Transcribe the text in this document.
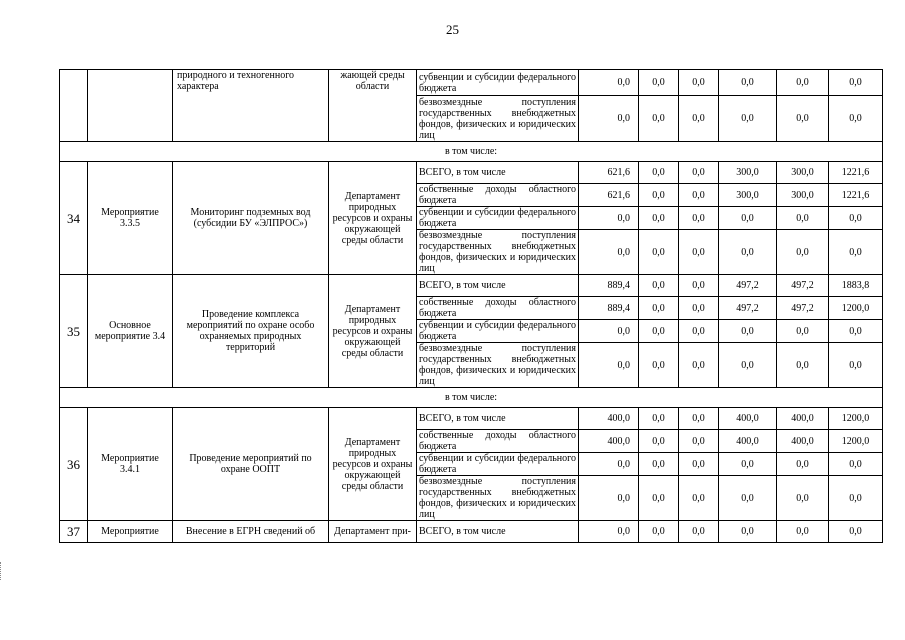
25
		природного и техногенного характера	жающей среды области	субвенции и субсидии федерального бюджета	0,0	0,0	0,0	0,0	0,0	0,0
				безвозмездные поступления государственных внебюджетных фондов, физических и юридических лиц	0,0	0,0	0,0	0,0	0,0	0,0
в том числе:										
34	Мероприятие 3.3.5	Мониторинг подземных вод (субсидии БУ «ЭЛПРОС»)	Департамент природных ресурсов и охраны окружающей среды области	ВСЕГО, в том числе	621,6	0,0	0,0	300,0	300,0	1221,6
				собственные доходы областного бюджета	621,6	0,0	0,0	300,0	300,0	1221,6
				субвенции и субсидии федерального бюджета	0,0	0,0	0,0	0,0	0,0	0,0
				безвозмездные поступления государственных внебюджетных фондов, физических и юридических лиц	0,0	0,0	0,0	0,0	0,0	0,0
35	Основное мероприятие 3.4	Проведение комплекса мероприятий по охране особо охраняемых природных территорий	Департамент природных ресурсов и охраны окружающей среды области	ВСЕГО, в том числе	889,4	0,0	0,0	497,2	497,2	1883,8
				собственные доходы областного бюджета	889,4	0,0	0,0	497,2	497,2	1200,0
				субвенции и субсидии федерального бюджета	0,0	0,0	0,0	0,0	0,0	0,0
				безвозмездные поступления государственных внебюджетных фондов, физических и юридических лиц	0,0	0,0	0,0	0,0	0,0	0,0
в том числе:										
36	Мероприятие 3.4.1	Проведение мероприятий по охране ООПТ	Департамент природных ресурсов и охраны окружающей среды области	ВСЕГО, в том числе	400,0	0,0	0,0	400,0	400,0	1200,0
				собственные доходы областного бюджета	400,0	0,0	0,0	400,0	400,0	1200,0
				субвенции и субсидии федерального бюджета	0,0	0,0	0,0	0,0	0,0	0,0
				безвозмездные поступления государственных внебюджетных фондов, физических и юридических лиц	0,0	0,0	0,0	0,0	0,0	0,0
37	Мероприятие	Внесение в ЕГРН сведений об	Департамент при-	ВСЕГО, в том числе	0,0	0,0	0,0	0,0	0,0	0,0
